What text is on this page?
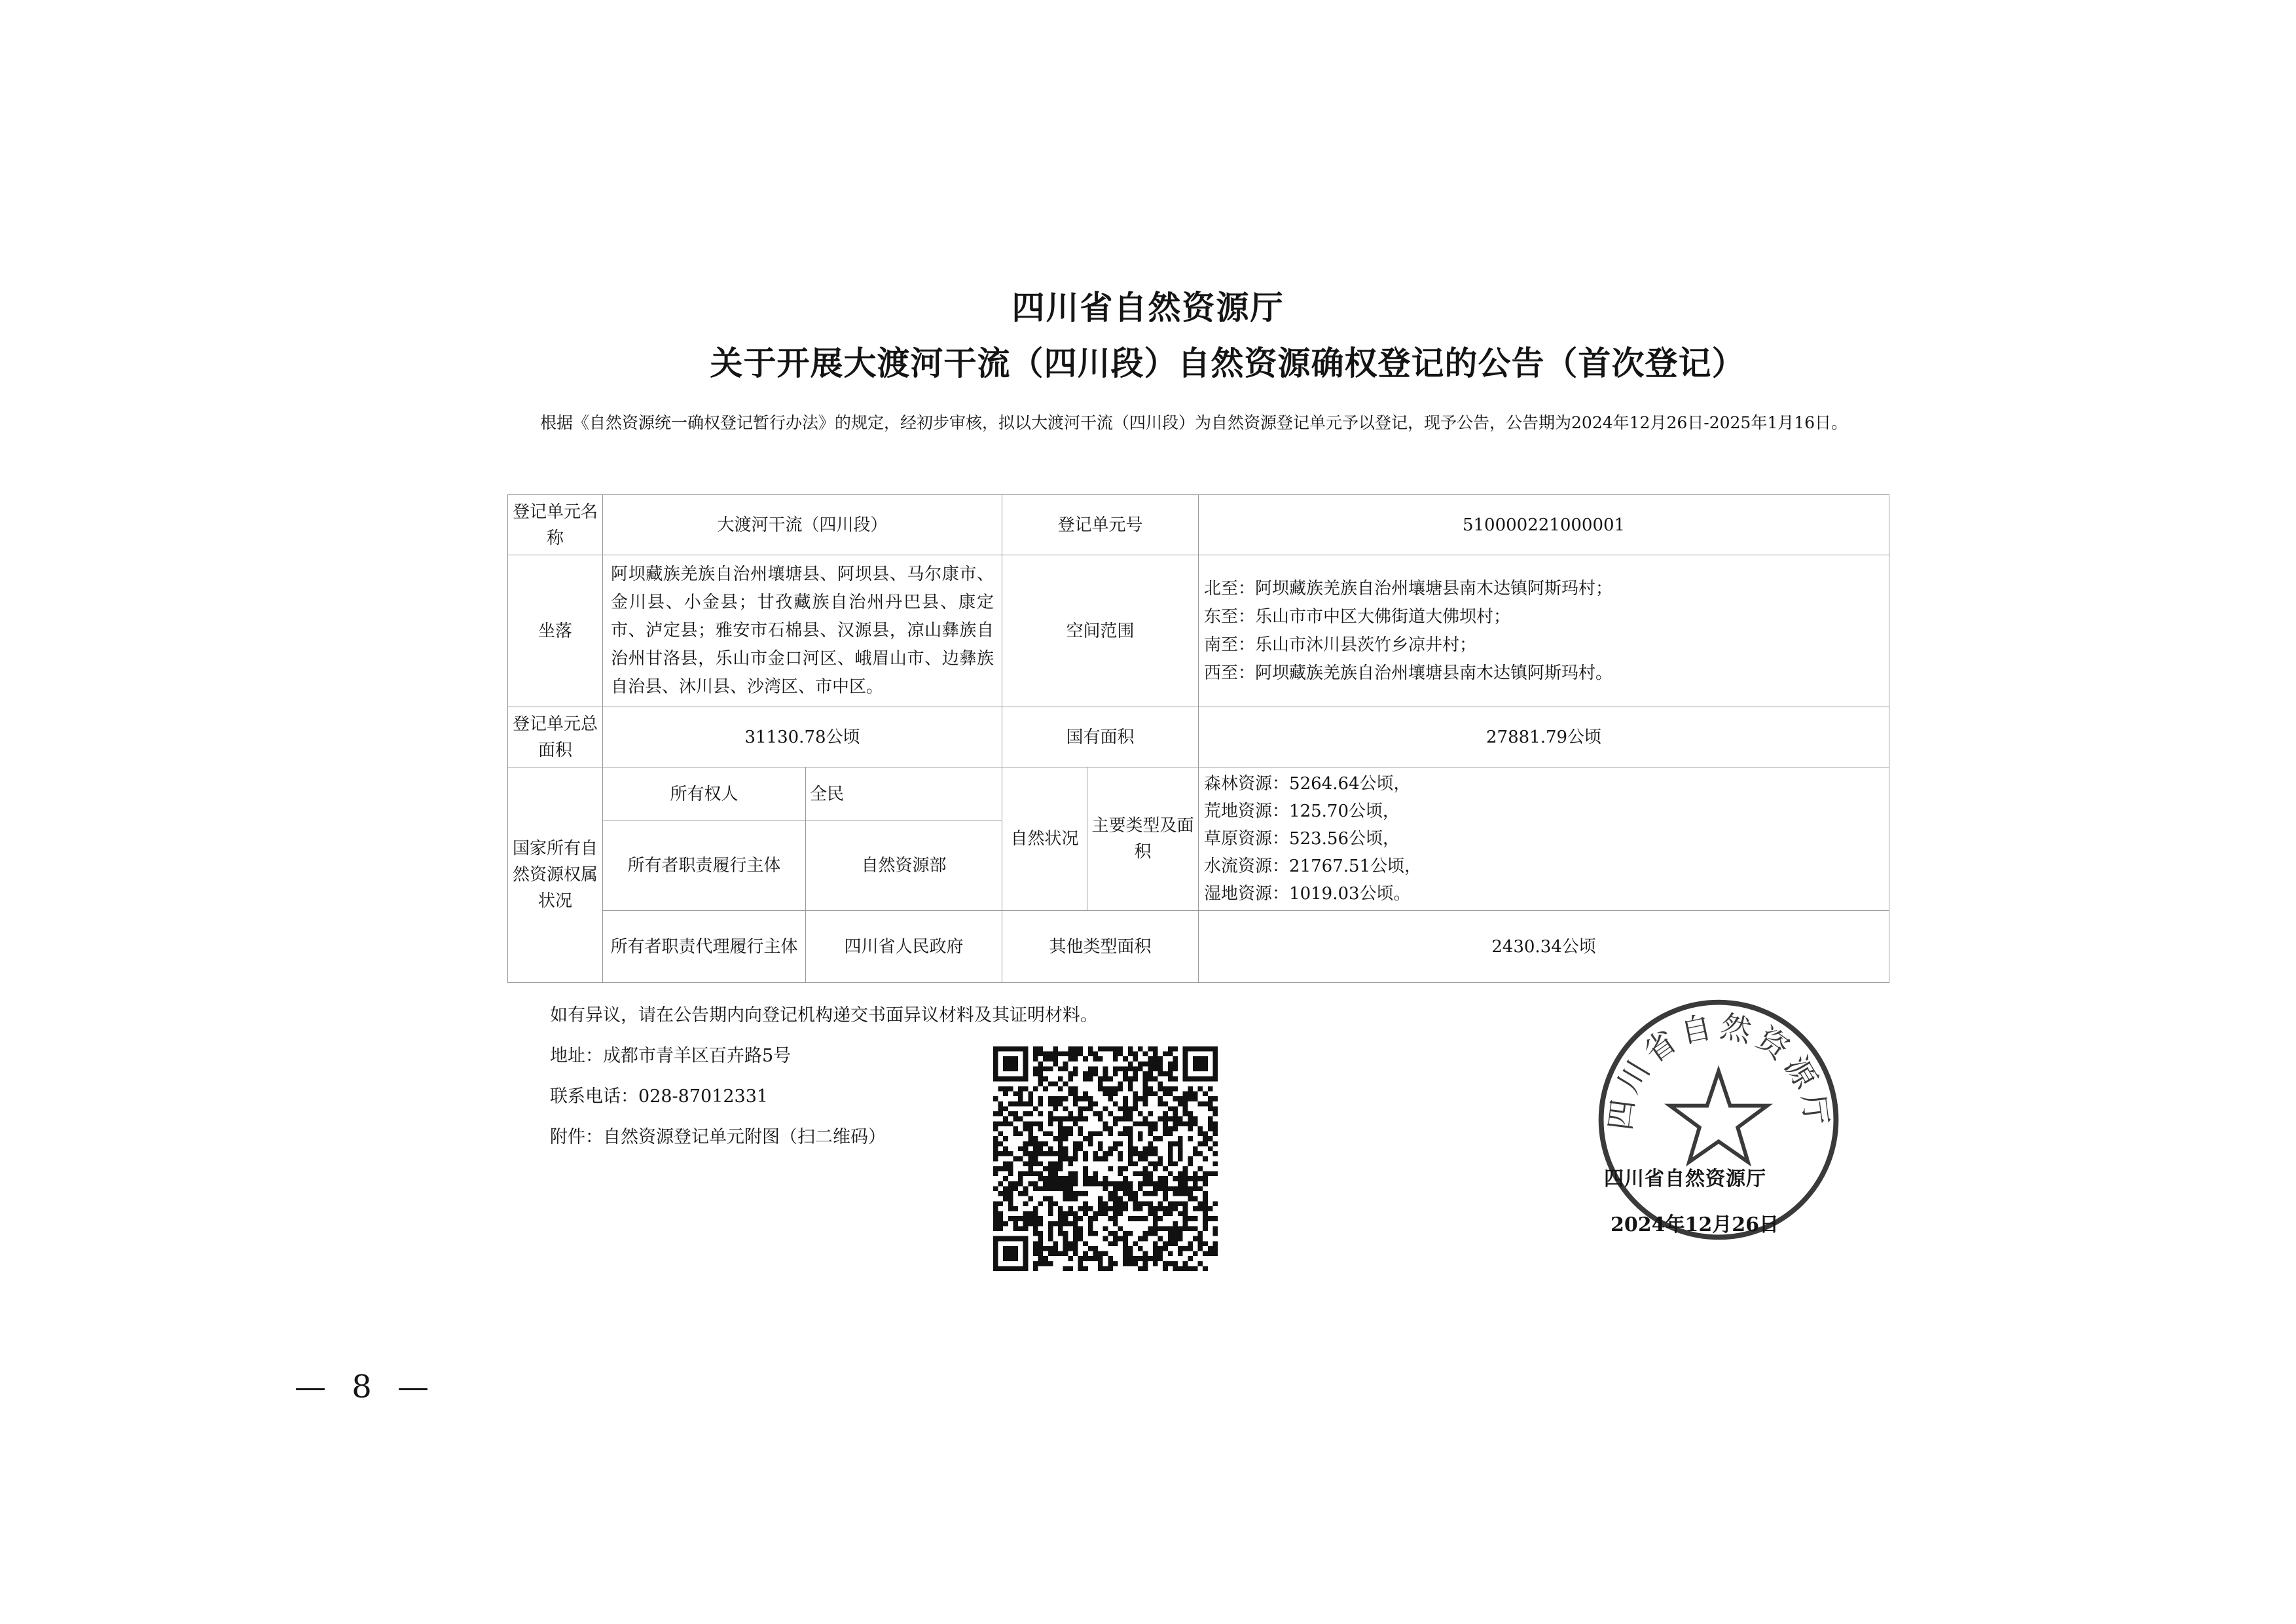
四川省自然资源厅
关于开展大渡河干流（四川段）自然资源确权登记的公告（首次登记）

根据《自然资源统一确权登记暂行办法》的规定，经初步审核，拟以大渡河干流（四川段）为自然资源登记单元予以登记，现予公告，公告期为2024年12月26日-2025年1月16日。

登记单元名称	大渡河干流（四川段）		登记单元号		510000221000001
坐落	阿坝藏族羌族自治州壤塘县、阿坝县、马尔康市、金川县、小金县；甘孜藏族自治州丹巴县、康定市、泸定县；雅安市石棉县、汉源县，凉山彝族自治州甘洛县，乐山市金口河区、峨眉山市、边彝族自治县、沐川县、沙湾区、市中区。		空间范围		北至：阿坝藏族羌族自治州壤塘县南木达镇阿斯玛村；
东至：乐山市市中区大佛街道大佛坝村；
南至：乐山市沐川县茨竹乡凉井村；
西至：阿坝藏族羌族自治州壤塘县南木达镇阿斯玛村。

登记单元总面积	31130.78公顷		国有面积		27881.79公顷
国家所有自然资源权属状况	所有权人	全民	自然状况	主要类型及面积	森林资源：5264.64公顷，
荒地资源：125.70公顷，
草原资源：523.56公顷，
水流资源：21767.51公顷，
湿地资源：1019.03公顷。

	所有者职责履行主体	自然资源部			
	所有者职责代理履行主体	四川省人民政府	其他类型面积		2430.34公顷
如有异议，请在公告期内向登记机构递交书面异议材料及其证明材料。
地址：成都市青羊区百卉路5号
联系电话：028-87012331
附件：自然资源登记单元附图（扫二维码）
四川省自然资源厅
四川省自然资源厅
2024年12月26日
— 8 —
